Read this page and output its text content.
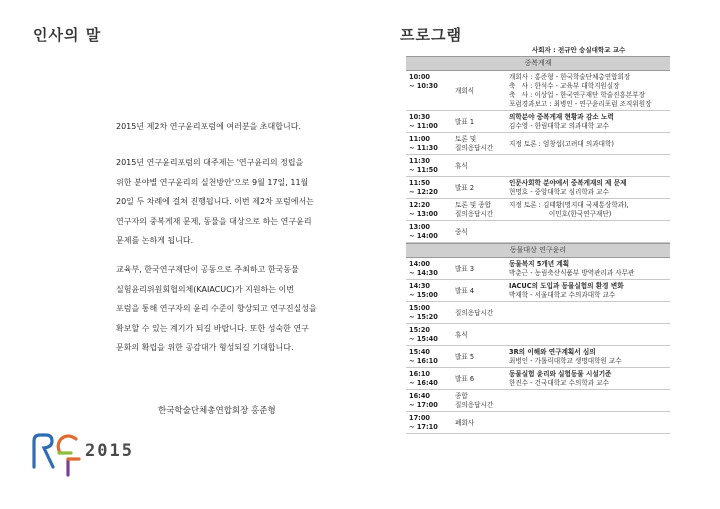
인사의 말	프로그램
2015년 제2차 연구윤리포럼에 여러분을 초대합니다.
2015년 연구윤리포럼의 대주제는 '연구윤리의 정립을
위한 분야별 연구윤리의 실천방안'으로 9월 17일, 11월
20일 두 차례에 걸쳐 진행됩니다. 이번 제2차 포럼에서는
연구자의 중복게재 문제, 동물을 대상으로 하는 연구윤리
문제를 논하게 됩니다.
교육부, 한국연구재단이 공동으로 주최하고 한국동물
실험윤리위원회협의체(KAIACUC)가 지원하는 이번
포럼을 통해 연구자의 윤리 수준이 향상되고 연구진실성을
확보할 수 있는 계기가 되길 바랍니다. 또한 성숙한 연구
문화의 확립을 위한 공감대가 형성되길 기대합니다.
한국학술단체총연합회장 홍준형
2015
사회자 : 전규안 숭실대학교 교수
중복게재
10:00
~ 10:30
개회식
개회사 : 홍준형 - 한국학술단체총연합회장
축   사 : 한석수 - 교육부 대학지원실장
축   사 : 이상업 - 한국연구재단 학술진흥본부장
포럼경과보고 : 최병인 - 연구윤리포럼 조직위원장
10:30
~ 11:00
발표 1
의학분야 중복게재 현황과 감소 노력
김수영 - 한림대학교 의과대학 교수
11:00
~ 11:30
토론 및
질의응답시간
지정 토론 : 엄창섭(고려대 의과대학)
11:30
~ 11:50
휴식
11:50
~ 12:20
발표 2
인문사회학 분야에서 중복게재의 제 문제
현명호 - 중앙대학교 심리학과 교수
12:20
~ 13:00
토론 및 종합
질의응답시간
지정 토론 : 김태황(명지대 국제통상학과),
이민호(한국연구재단)
13:00
~ 14:00
중식
동물대상 연구윤리
14:00
~ 14:30
발표 3
동물복지 5개년 계획
박춘근 - 농림축산식품부 방역관리과 사무관
14:30
~ 15:00
발표 4
IACUC의 도입과 동물실험의 환경 변화
박재학 - 서울대학교 수의과대학 교수
15:00
~ 15:20
질의응답시간
15:20
~ 15:40
휴식
15:40
~ 16:10
발표 5
3R의 이해와 연구계획서 심의
최병인 - 가톨릭대학교 생명대학원 교수
16:10
~ 16:40
발표 6
동물실험 윤리와 실험동물 시설기준
한진수 - 건국대학교 수의학과 교수
16:40
~ 17:00
종합
질의응답시간
17:00
~ 17:10
폐회사
